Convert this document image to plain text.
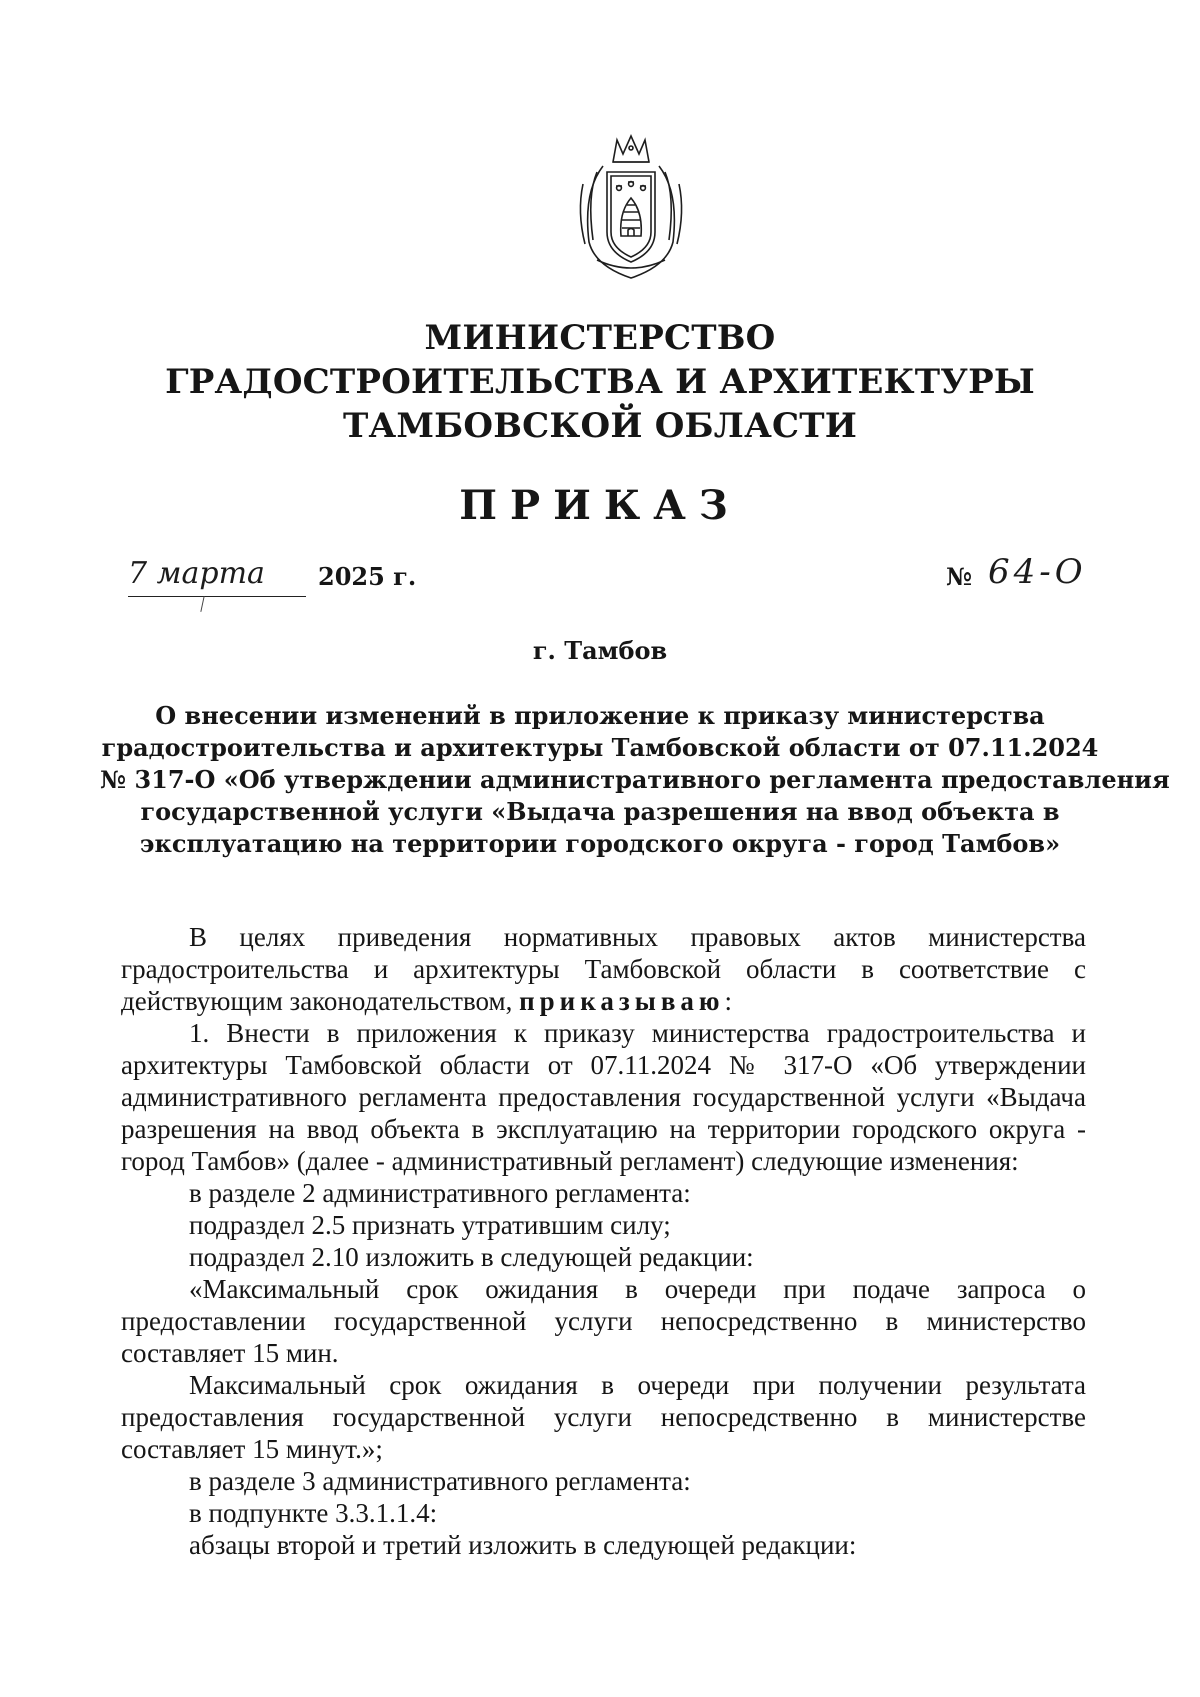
МИНИСТЕРСТВО
ГРАДОСТРОИТЕЛЬСТВА И АРХИТЕКТУРЫ
ТАМБОВСКОЙ ОБЛАСТИ
ПРИКАЗ
7 марта	2025 г.	№ 64-О
г. Тамбов
О внесении изменений в приложение к приказу министерства
градостроительства и архитектуры Тамбовской области от 07.11.2024
№ 317-О «Об утверждении административного регламента предоставления
государственной услуги «Выдача разрешения на ввод объекта в
эксплуатацию на территории городского округа - город Тамбов»
В целях приведения нормативных правовых актов министерства
градостроительства и архитектуры Тамбовской области в соответствие с
действующим законодательством, приказываю:
1. Внести в приложения к приказу министерства градостроительства и
архитектуры Тамбовской области от 07.11.2024 № 317-О «Об утверждении
административного регламента предоставления государственной услуги «Выдача
разрешения на ввод объекта в эксплуатацию на территории городского округа -
город Тамбов» (далее - административный регламент) следующие изменения:
в разделе 2 административного регламента:
подраздел 2.5 признать утратившим силу;
подраздел 2.10 изложить в следующей редакции:
«Максимальный срок ожидания в очереди при подаче запроса о
предоставлении государственной услуги непосредственно в министерство
составляет 15 мин.
Максимальный срок ожидания в очереди при получении результата
предоставления государственной услуги непосредственно в министерстве
составляет 15 минут.»;
в разделе 3 административного регламента:
в подпункте 3.3.1.1.4:
абзацы второй и третий изложить в следующей редакции:
